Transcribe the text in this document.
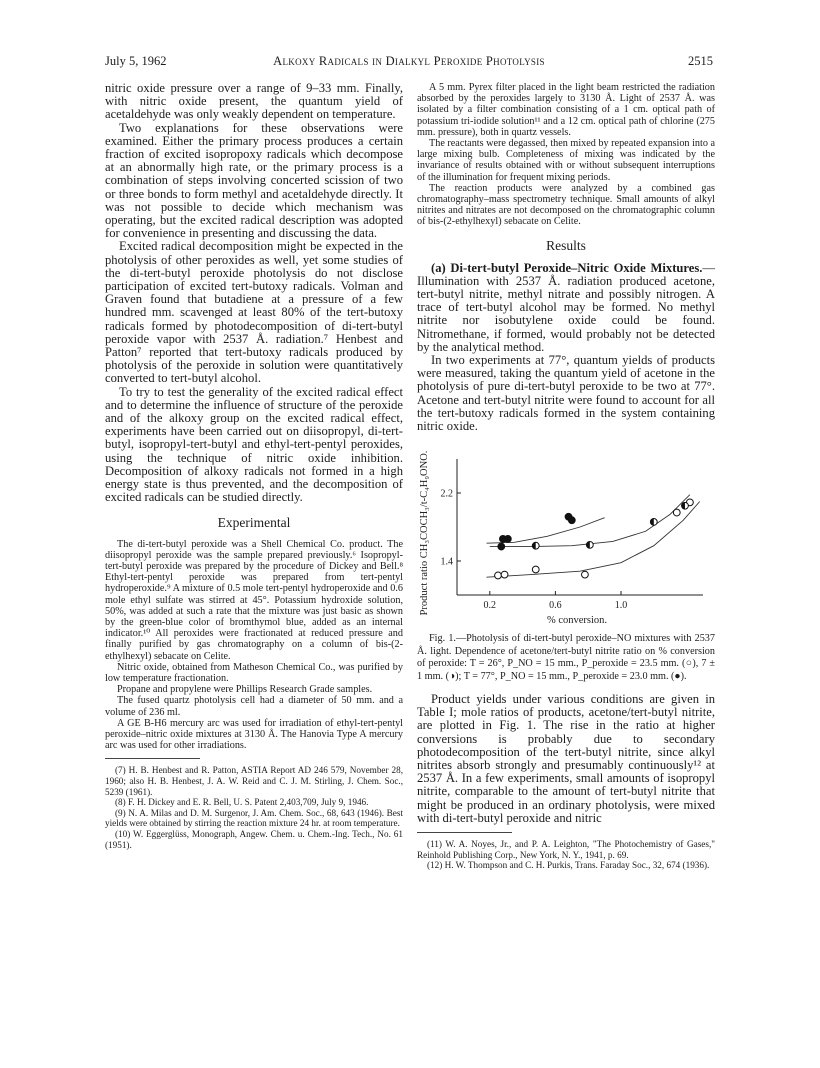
July 5, 1962	Alkoxy Radicals in Dialkyl Peroxide Photolysis	2515

nitric oxide pressure over a range of 9–33 mm. Finally, with nitric oxide present, the quantum yield of acetaldehyde was only weakly dependent on temperature.

Two explanations for these observations were examined. Either the primary process produces a certain fraction of excited isopropoxy radicals which decompose at an abnormally high rate, or the primary process is a combination of steps involving concerted scission of two or three bonds to form methyl and acetaldehyde directly. It was not possible to decide which mechanism was operating, but the excited radical description was adopted for convenience in presenting and discussing the data.

Excited radical decomposition might be expected in the photolysis of other peroxides as well, yet some studies of the di-tert-butyl peroxide photolysis do not disclose participation of excited tert-butoxy radicals. Volman and Graven found that butadiene at a pressure of a few hundred mm. scavenged at least 80% of the tert-butoxy radicals formed by photodecomposition of di-tert-butyl peroxide vapor with 2537 Å. radiation.⁷ Henbest and Patton⁷ reported that tert-butoxy radicals produced by photolysis of the peroxide in solution were quantitatively converted to tert-butyl alcohol.

To try to test the generality of the excited radical effect and to determine the influence of structure of the peroxide and of the alkoxy group on the excited radical effect, experiments have been carried out on diisopropyl, di-tert-butyl, isopropyl-tert-butyl and ethyl-tert-pentyl peroxides, using the technique of nitric oxide inhibition. Decomposition of alkoxy radicals not formed in a high energy state is thus prevented, and the decomposition of excited radicals can be studied directly.

Experimental

The di-tert-butyl peroxide was a Shell Chemical Co. product. The diisopropyl peroxide was the sample prepared previously.⁶ Isopropyl-tert-butyl peroxide was prepared by the procedure of Dickey and Bell.⁸ Ethyl-tert-pentyl peroxide was prepared from tert-pentyl hydroperoxide.⁹ A mixture of 0.5 mole tert-pentyl hydroperoxide and 0.6 mole ethyl sulfate was stirred at 45°. Potassium hydroxide solution, 50%, was added at such a rate that the mixture was just basic as shown by the green-blue color of bromthymol blue, added as an internal indicator.¹⁰ All peroxides were fractionated at reduced pressure and finally purified by gas chromatography on a column of bis-(2-ethylhexyl) sebacate on Celite.

Nitric oxide, obtained from Matheson Chemical Co., was purified by low temperature fractionation.

Propane and propylene were Phillips Research Grade samples.

The fused quartz photolysis cell had a diameter of 50 mm. and a volume of 236 ml.

A GE B-H6 mercury arc was used for irradiation of ethyl-tert-pentyl peroxide–nitric oxide mixtures at 3130 Å. The Hanovia Type A mercury arc was used for other irradiations.

(7) H. B. Henbest and R. Patton, ASTIA Report AD 246 579, November 28, 1960; also H. B. Henbest, J. A. W. Reid and C. J. M. Stirling, J. Chem. Soc., 5239 (1961).

(8) F. H. Dickey and E. R. Bell, U. S. Patent 2,403,709, July 9, 1946.

(9) N. A. Milas and D. M. Surgenor, J. Am. Chem. Soc., 68, 643 (1946). Best yields were obtained by stirring the reaction mixture 24 hr. at room temperature.

(10) W. Eggerglüss, Monograph, Angew. Chem. u. Chem.-Ing. Tech., No. 61 (1951).

A 5 mm. Pyrex filter placed in the light beam restricted the radiation absorbed by the peroxides largely to 3130 Å. Light of 2537 Å. was isolated by a filter combination consisting of a 1 cm. optical path of potassium tri-iodide solution¹¹ and a 12 cm. optical path of chlorine (275 mm. pressure), both in quartz vessels.

The reactants were degassed, then mixed by repeated expansion into a large mixing bulb. Completeness of mixing was indicated by the invariance of results obtained with or without subsequent interruptions of the illumination for frequent mixing periods.

The reaction products were analyzed by a combined gas chromatography–mass spectrometry technique. Small amounts of alkyl nitrites and nitrates are not decomposed on the chromatographic column of bis-(2-ethylhexyl) sebacate on Celite.

Results

(a) Di-tert-butyl Peroxide–Nitric Oxide Mixtures.—Illumination with 2537 Å. radiation produced acetone, tert-butyl nitrite, methyl nitrate and possibly nitrogen. A trace of tert-butyl alcohol may be formed. No methyl nitrite nor isobutylene oxide could be found. Nitromethane, if formed, would probably not be detected by the analytical method.

In two experiments at 77°, quantum yields of products were measured, taking the quantum yield of acetone in the photolysis of pure di-tert-butyl peroxide to be two at 77°. Acetone and tert-butyl nitrite were found to account for all the tert-butoxy radicals formed in the system containing nitric oxide.

0.2	0.6	1.0
1.4
2.2
Product ratio CH₃COCH₃/t-C₄H₉ONO.
% conversion.

Fig. 1.—Photolysis of di-tert-butyl peroxide–NO mixtures with 2537 Å. light. Dependence of acetone/tert-butyl nitrite ratio on % conversion of peroxide: T = 26°, P_NO = 15 mm., P_peroxide = 23.5 mm. (○), 7 ± 1 mm. (◑); T = 77°, P_NO = 15 mm., P_peroxide = 23.0 mm. (●).

Product yields under various conditions are given in Table I; mole ratios of products, acetone/tert-butyl nitrite, are plotted in Fig. 1. The rise in the ratio at higher conversions is probably due to secondary photodecomposition of the tert-butyl nitrite, since alkyl nitrites absorb strongly and presumably continuously¹² at 2537 Å. In a few experiments, small amounts of isopropyl nitrite, comparable to the amount of tert-butyl nitrite that might be produced in an ordinary photolysis, were mixed with di-tert-butyl peroxide and nitric

(11) W. A. Noyes, Jr., and P. A. Leighton, "The Photochemistry of Gases," Reinhold Publishing Corp., New York, N. Y., 1941, p. 69.

(12) H. W. Thompson and C. H. Purkis, Trans. Faraday Soc., 32, 674 (1936).
